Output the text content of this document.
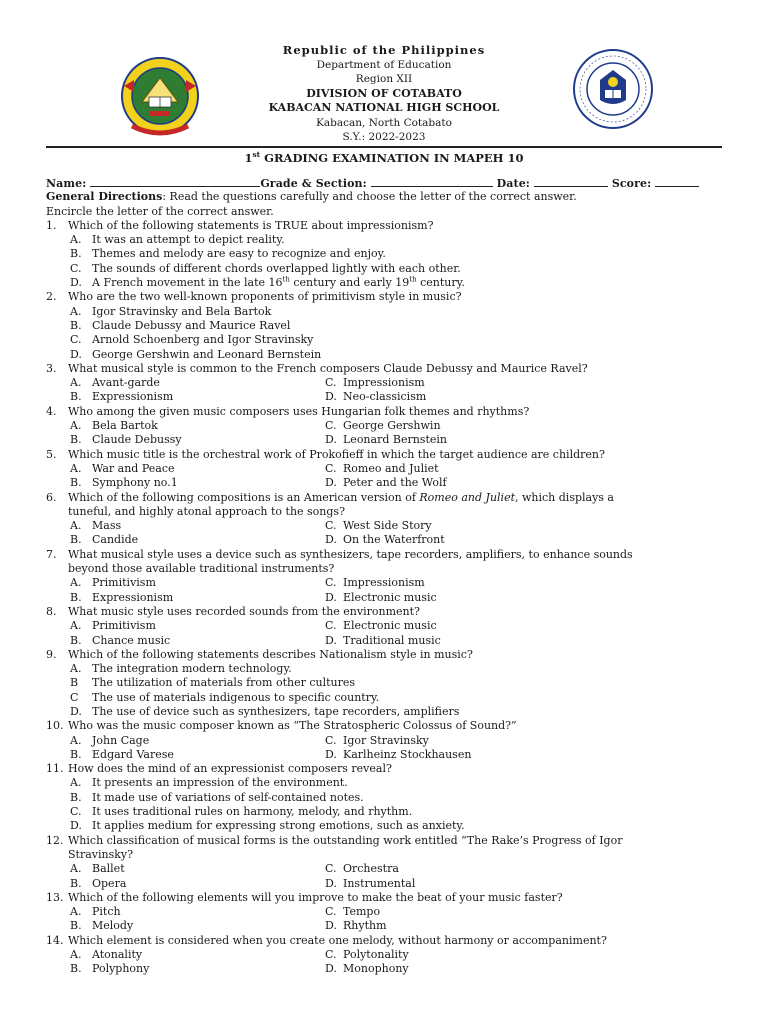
Republic of the Philippines
Department of Education
Region XII
DIVISION OF COTABATO
KABACAN NATIONAL HIGH SCHOOL
Kabacan, North Cotabato
S.Y.: 2022-2023
1st GRADING EXAMINATION IN MAPEH 10
Name:	Grade & Section:	Date:	Score:
General Directions: Read the questions carefully and choose the letter of the correct answer.
Encircle the letter of the correct answer.
1. Which of the following statements is TRUE about impressionism?
A. It was an attempt to depict reality.
B. Themes and melody are easy to recognize and enjoy.
C. The sounds of different chords overlapped lightly with each other.
D. A French movement in the late 16th century and early 19th century.
2. Who are the two well-known proponents of primitivism style in music?
A. Igor Stravinsky and Bela Bartok
B. Claude Debussy and Maurice Ravel
C. Arnold Schoenberg and Igor Stravinsky
D. George Gershwin and Leonard Bernstein
3. What musical style is common to the French composers Claude Debussy and Maurice Ravel?
A. Avant-garde	C. Impressionism
B. Expressionism	D. Neo-classicism
4. Who among the given music composers uses Hungarian folk themes and rhythms?
A. Bela Bartok	C. George Gershwin
B. Claude Debussy	D. Leonard Bernstein
5. Which music title is the orchestral work of Prokofieff in which the target audience are children?
A. War and Peace	C. Romeo and Juliet
B. Symphony no.1	D. Peter and the Wolf
6. Which of the following compositions is an American version of Romeo and Juliet, which displays a
tuneful, and highly atonal approach to the songs?
A. Mass	C. West Side Story
B. Candide	D. On the Waterfront
7. What musical style uses a device such as synthesizers, tape recorders, amplifiers, to enhance sounds
beyond those available traditional instruments?
A. Primitivism	C. Impressionism
B. Expressionism	D. Electronic music
8. What music style uses recorded sounds from the environment?
A. Primitivism	C. Electronic music
B. Chance music	D. Traditional music
9. Which of the following statements describes Nationalism style in music?
A. The integration modern technology.
B The utilization of materials from other cultures
C The use of materials indigenous to specific country.
D. The use of device such as synthesizers, tape recorders, amplifiers
10. Who was the music composer known as “The Stratospheric Colossus of Sound?”
A. John Cage	C. Igor Stravinsky
B. Edgard Varese	D. Karlheinz Stockhausen
11. How does the mind of an expressionist composers reveal?
A. It presents an impression of the environment.
B. It made use of variations of self-contained notes.
C. It uses traditional rules on harmony, melody, and rhythm.
D. It applies medium for expressing strong emotions, such as anxiety.
12. Which classification of musical forms is the outstanding work entitled “The Rake’s Progress of Igor
Stravinsky?
A. Ballet	C. Orchestra
B. Opera	D. Instrumental
13. Which of the following elements will you improve to make the beat of your music faster?
A. Pitch	C. Tempo
B. Melody	D. Rhythm
14. Which element is considered when you create one melody, without harmony or accompaniment?
A. Atonality	C. Polytonality
B. Polyphony	D. Monophony
